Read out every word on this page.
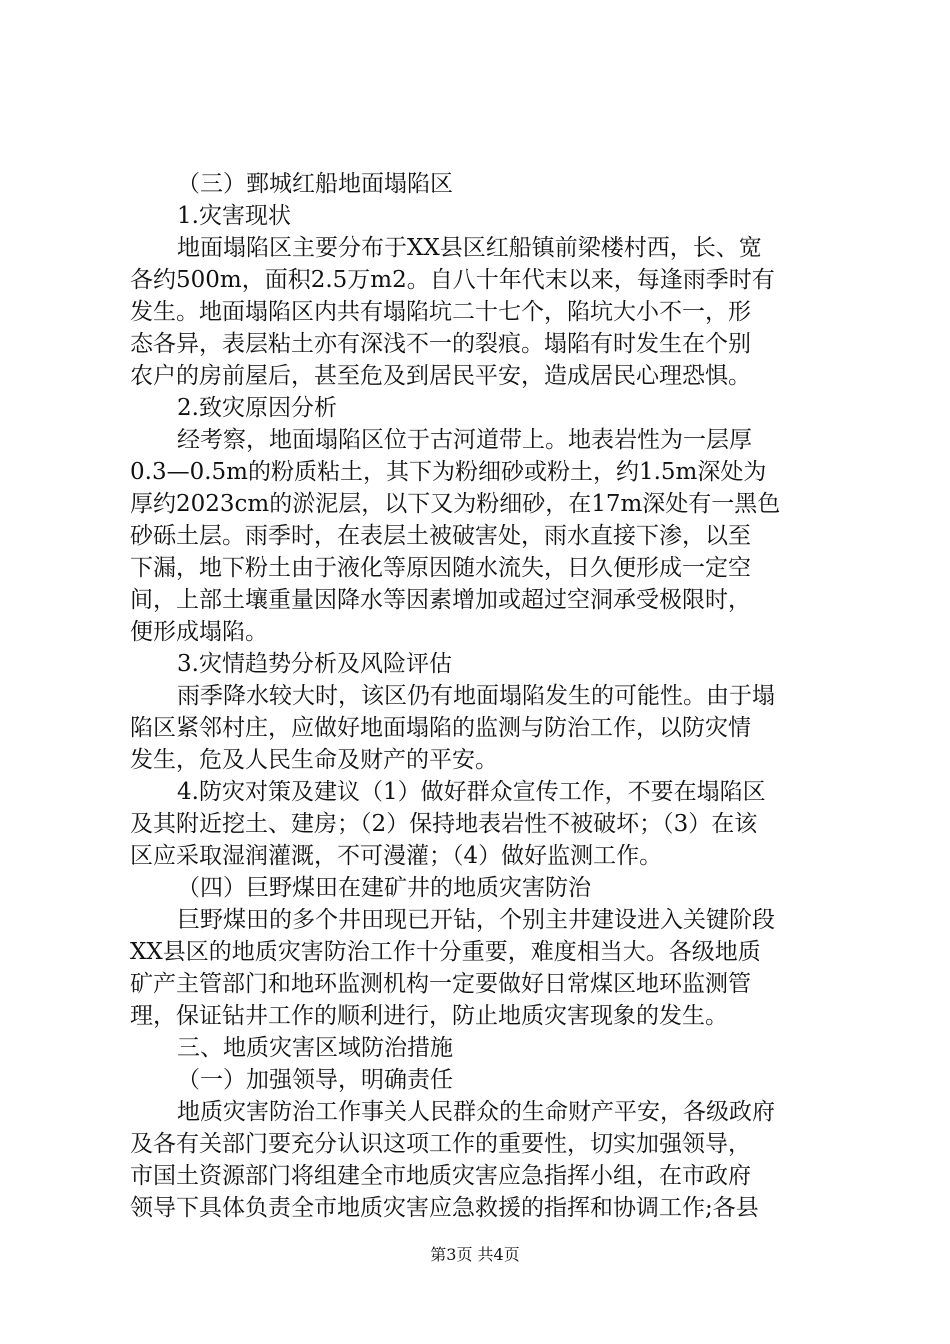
（三）鄄城红船地面塌陷区
1.灾害现状
地面塌陷区主要分布于XX县区红船镇前梁楼村西，长、宽
各约500m，面积2.5万m2。自八十年代末以来，每逢雨季时有
发生。地面塌陷区内共有塌陷坑二十七个，陷坑大小不一，形
态各异，表层粘土亦有深浅不一的裂痕。塌陷有时发生在个别
农户的房前屋后，甚至危及到居民平安，造成居民心理恐惧。
2.致灾原因分析
经考察，地面塌陷区位于古河道带上。地表岩性为一层厚
0.3—0.5m的粉质粘土，其下为粉细砂或粉土，约1.5m深处为
厚约2023cm的淤泥层，以下又为粉细砂，在17m深处有一黑色
砂砾土层。雨季时，在表层土被破害处，雨水直接下渗，以至
下漏，地下粉土由于液化等原因随水流失，日久便形成一定空
间，上部土壤重量因降水等因素增加或超过空洞承受极限时，
便形成塌陷。
3.灾情趋势分析及风险评估
雨季降水较大时，该区仍有地面塌陷发生的可能性。由于塌
陷区紧邻村庄，应做好地面塌陷的监测与防治工作，以防灾情
发生，危及人民生命及财产的平安。
4.防灾对策及建议（1）做好群众宣传工作，不要在塌陷区
及其附近挖土、建房；（2）保持地表岩性不被破坏；（3）在该
区应采取湿润灌溉，不可漫灌；（4）做好监测工作。
（四）巨野煤田在建矿井的地质灾害防治
巨野煤田的多个井田现已开钻，个别主井建设进入关键阶段
XX县区的地质灾害防治工作十分重要，难度相当大。各级地质
矿产主管部门和地环监测机构一定要做好日常煤区地环监测管
理，保证钻井工作的顺利进行，防止地质灾害现象的发生。
三、地质灾害区域防治措施
（一）加强领导，明确责任
地质灾害防治工作事关人民群众的生命财产平安，各级政府
及各有关部门要充分认识这项工作的重要性，切实加强领导，
市国土资源部门将组建全市地质灾害应急指挥小组，在市政府
领导下具体负责全市地质灾害应急救援的指挥和协调工作;各县
第3页 共4页
